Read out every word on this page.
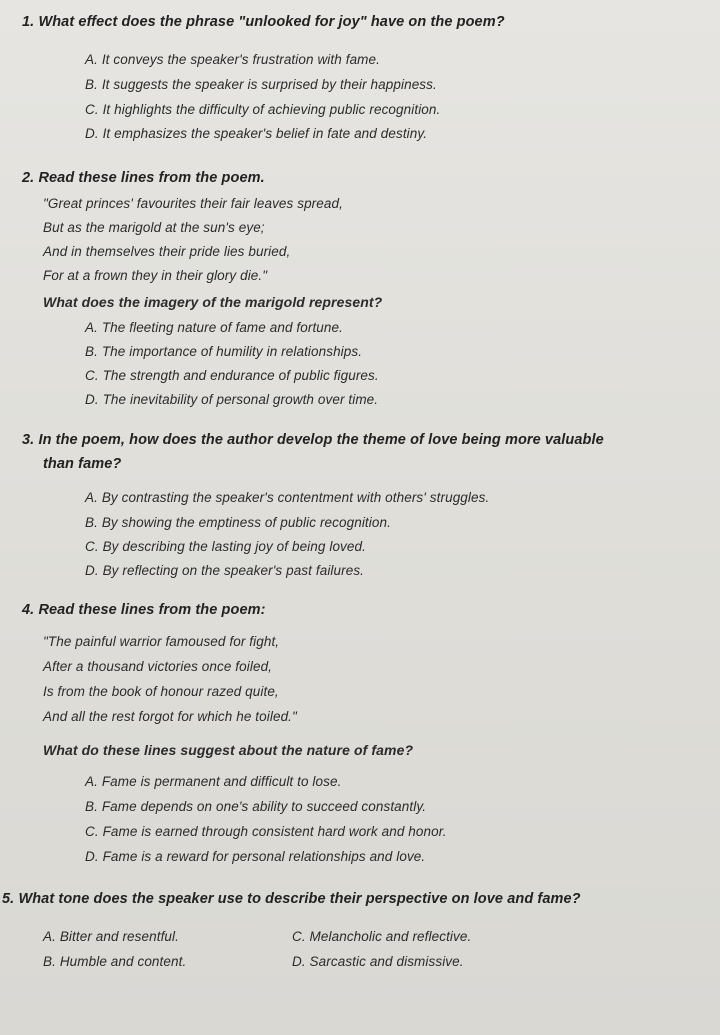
1. What effect does the phrase "unlooked for joy" have on the poem?
A. It conveys the speaker's frustration with fame.
B. It suggests the speaker is surprised by their happiness.
C. It highlights the difficulty of achieving public recognition.
D. It emphasizes the speaker's belief in fate and destiny.
2. Read these lines from the poem.
"Great princes' favourites their fair leaves spread,
But as the marigold at the sun's eye;
And in themselves their pride lies buried,
For at a frown they in their glory die."
What does the imagery of the marigold represent?
A. The fleeting nature of fame and fortune.
B. The importance of humility in relationships.
C. The strength and endurance of public figures.
D. The inevitability of personal growth over time.
3. In the poem, how does the author develop the theme of love being more valuable
than fame?
A. By contrasting the speaker's contentment with others' struggles.
B. By showing the emptiness of public recognition.
C. By describing the lasting joy of being loved.
D. By reflecting on the speaker's past failures.
4. Read these lines from the poem:
"The painful warrior famoused for fight,
After a thousand victories once foiled,
Is from the book of honour razed quite,
And all the rest forgot for which he toiled."
What do these lines suggest about the nature of fame?
A. Fame is permanent and difficult to lose.
B. Fame depends on one's ability to succeed constantly.
C. Fame is earned through consistent hard work and honor.
D. Fame is a reward for personal relationships and love.
5. What tone does the speaker use to describe their perspective on love and fame?
A. Bitter and resentful.	C. Melancholic and reflective.
B. Humble and content.	D. Sarcastic and dismissive.
